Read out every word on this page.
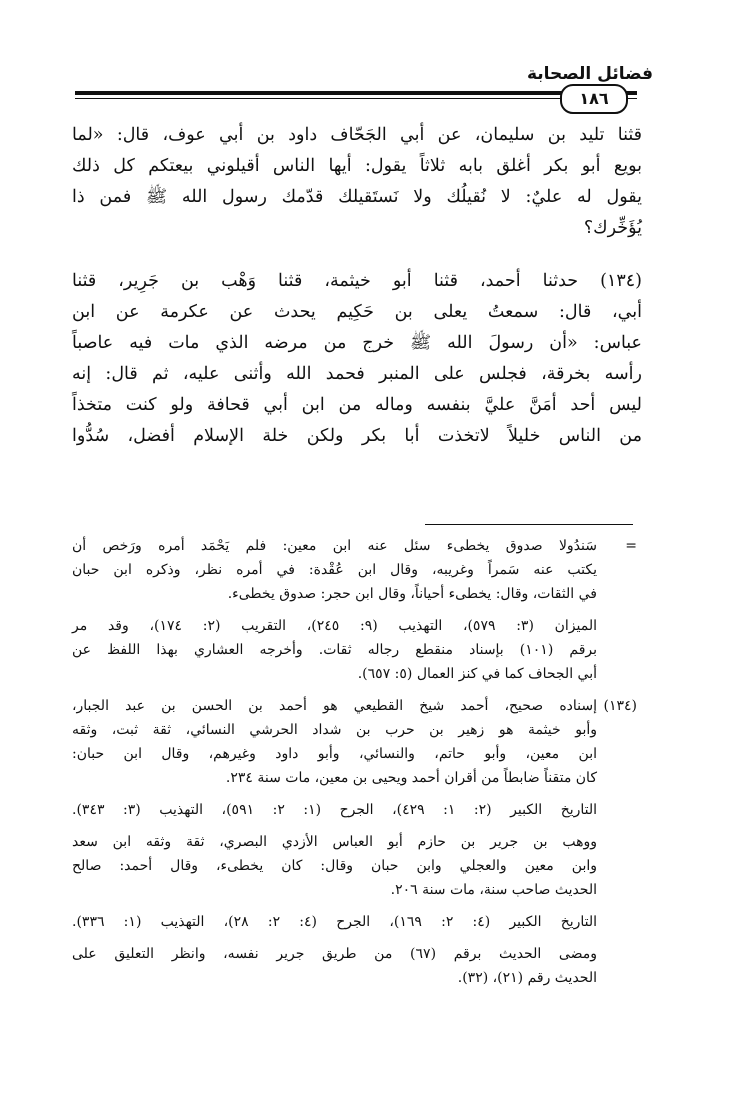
فضائل الصحابة
١٨٦
قثنا تليد بن سليمان، عن أبي الجَحّاف داود بن أبي عوف، قال: «لما
بويع أبو بكر أغلق بابه ثلاثاً يقول: أيها الناس أقيلوني بيعتكم كل ذلك
يقول له عليٌ: لا نُقيلُك ولا نَستَقيلك قدّمك رسول الله ﷺ فمن ذا
يُؤَخِّرك؟
(١٣٤) حدثنا أحمد، قثنا أبو خيثمة، قثنا وَهْب بن جَرِير، قثنا
أبي، قال: سمعتُ يعلى بن حَكِيم يحدث عن عكرمة عن ابن
عباس: «أن رسولَ الله ﷺ خرج من مرضه الذي مات فيه عاصباً
رأسه بخرقة، فجلس على المنبر فحمد الله وأثنى عليه، ثم قال: إنه
ليس أحد أمَنَّ عليَّ بنفسه وماله من ابن أبي قحافة ولو كنت متخذاً
من الناس خليلاً لاتخذت أبا بكر ولكن خلة الإسلام أفضل، سُدُّوا
=
سَندُولا صدوق يخطىء سئل عنه ابن معين: فلم يَحْمَد أمره ورَخص أن
يكتب عنه سَمراً وغريبه، وقال ابن عُقْدة: في أمره نظر، وذكره ابن حبان
في الثقات، وقال: يخطىء أحياناً، وقال ابن حجر: صدوق يخطىء.
الميزان (٣: ٥٧٩)، التهذيب (٩: ٢٤٥)، التقريب (٢: ١٧٤)، وقد مر
برقم (١٠١) بإسناد منقطع رجاله ثقات. وأخرجه العشاري بهذا اللفظ عن
أبي الجحاف كما في كنز العمال (٥: ٦٥٧).
(١٣٤)
إسناده صحيح، أحمد شيخ القطيعي هو أحمد بن الحسن بن عبد الجبار،
وأبو خيثمة هو زهير بن حرب بن شداد الحرشي النسائي، ثقة ثبت، وثقه
ابن معين، وأبو حاتم، والنسائي، وأبو داود وغيرهم، وقال ابن حبان:
كان متقناً ضابطاً من أقران أحمد ويحيى بن معين، مات سنة ٢٣٤.
التاريخ الكبير (٢: ١: ٤٢٩)، الجرح (١: ٢: ٥٩١)، التهذيب (٣: ٣٤٣).
ووهب بن جرير بن حازم أبو العباس الأزدي البصري، ثقة وثقه ابن سعد
وابن معين والعجلي وابن حبان وقال: كان يخطىء، وقال أحمد: صالح
الحديث صاحب سنة، مات سنة ٢٠٦.
التاريخ الكبير (٤: ٢: ١٦٩)، الجرح (٤: ٢: ٢٨)، التهذيب (١: ٣٣٦).
ومضى الحديث برقم (٦٧) من طريق جرير نفسه، وانظر التعليق على
الحديث رقم (٢١)، (٣٢).
